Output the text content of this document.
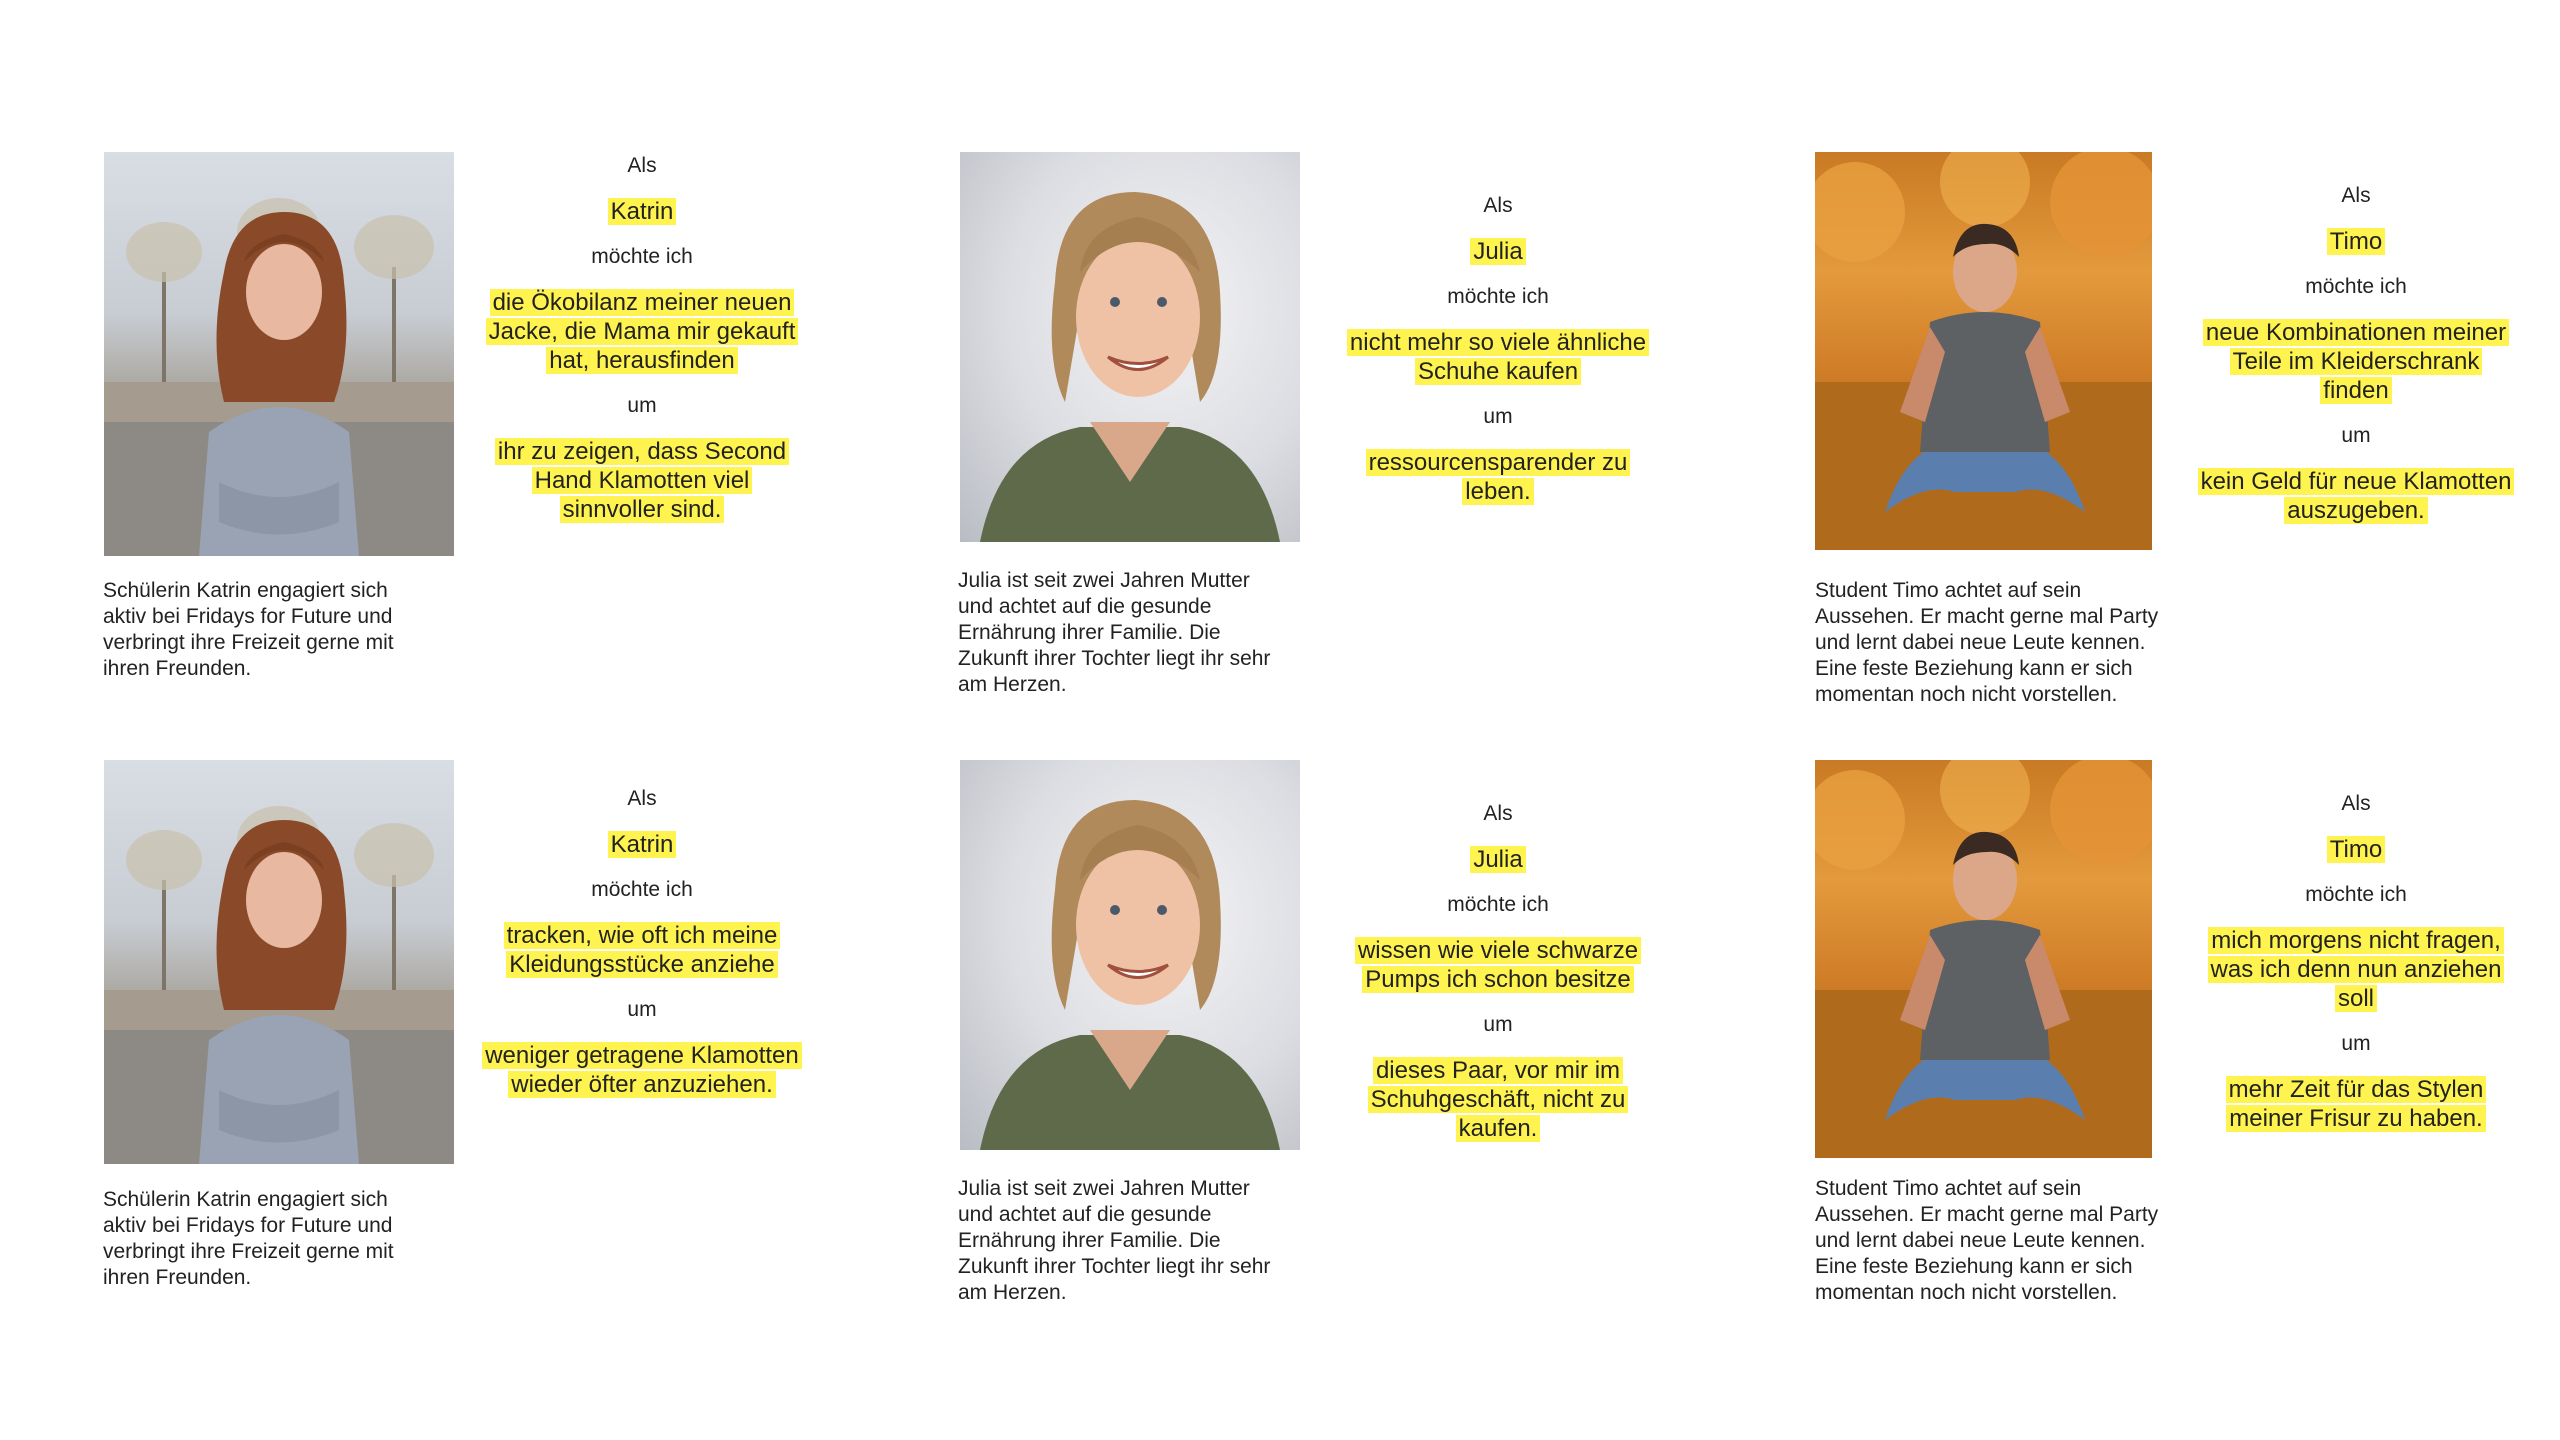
Schülerin Katrin engagiert sich aktiv bei Fridays for Future und verbringt ihre Freizeit gerne mit ihren Freunden.
Als
Katrin
möchte ich
die Ökobilanz meiner neuen Jacke, die Mama mir gekauft hat, herausfinden
um
ihr zu zeigen, dass Second Hand Klamotten viel sinnvoller sind.
Julia ist seit zwei Jahren Mutter und achtet auf die gesunde Ernährung ihrer Familie. Die Zukunft ihrer Tochter liegt ihr sehr am Herzen.
Als
Julia
möchte ich
nicht mehr so viele ähnliche Schuhe kaufen
um
ressourcensparender zu leben.
Student Timo achtet auf sein Aussehen. Er macht gerne mal Party und lernt dabei neue Leute kennen. Eine feste Beziehung kann er sich momentan noch nicht vorstellen.
Als
Timo
möchte ich
neue Kombinationen meiner Teile im Kleiderschrank finden
um
kein Geld für neue Klamotten auszugeben.
Schülerin Katrin engagiert sich aktiv bei Fridays for Future und verbringt ihre Freizeit gerne mit ihren Freunden.
Als
Katrin
möchte ich
tracken, wie oft ich meine Kleidungsstücke anziehe
um
weniger getragene Klamotten wieder öfter anzuziehen.
Julia ist seit zwei Jahren Mutter und achtet auf die gesunde Ernährung ihrer Familie. Die Zukunft ihrer Tochter liegt ihr sehr am Herzen.
Als
Julia
möchte ich
wissen wie viele schwarze Pumps ich schon besitze
um
dieses Paar, vor mir im Schuhgeschäft, nicht zu kaufen.
Student Timo achtet auf sein Aussehen. Er macht gerne mal Party und lernt dabei neue Leute kennen. Eine feste Beziehung kann er sich momentan noch nicht vorstellen.
Als
Timo
möchte ich
mich morgens nicht fragen, was ich denn nun anziehen soll
um
mehr Zeit für das Stylen meiner Frisur zu haben.
